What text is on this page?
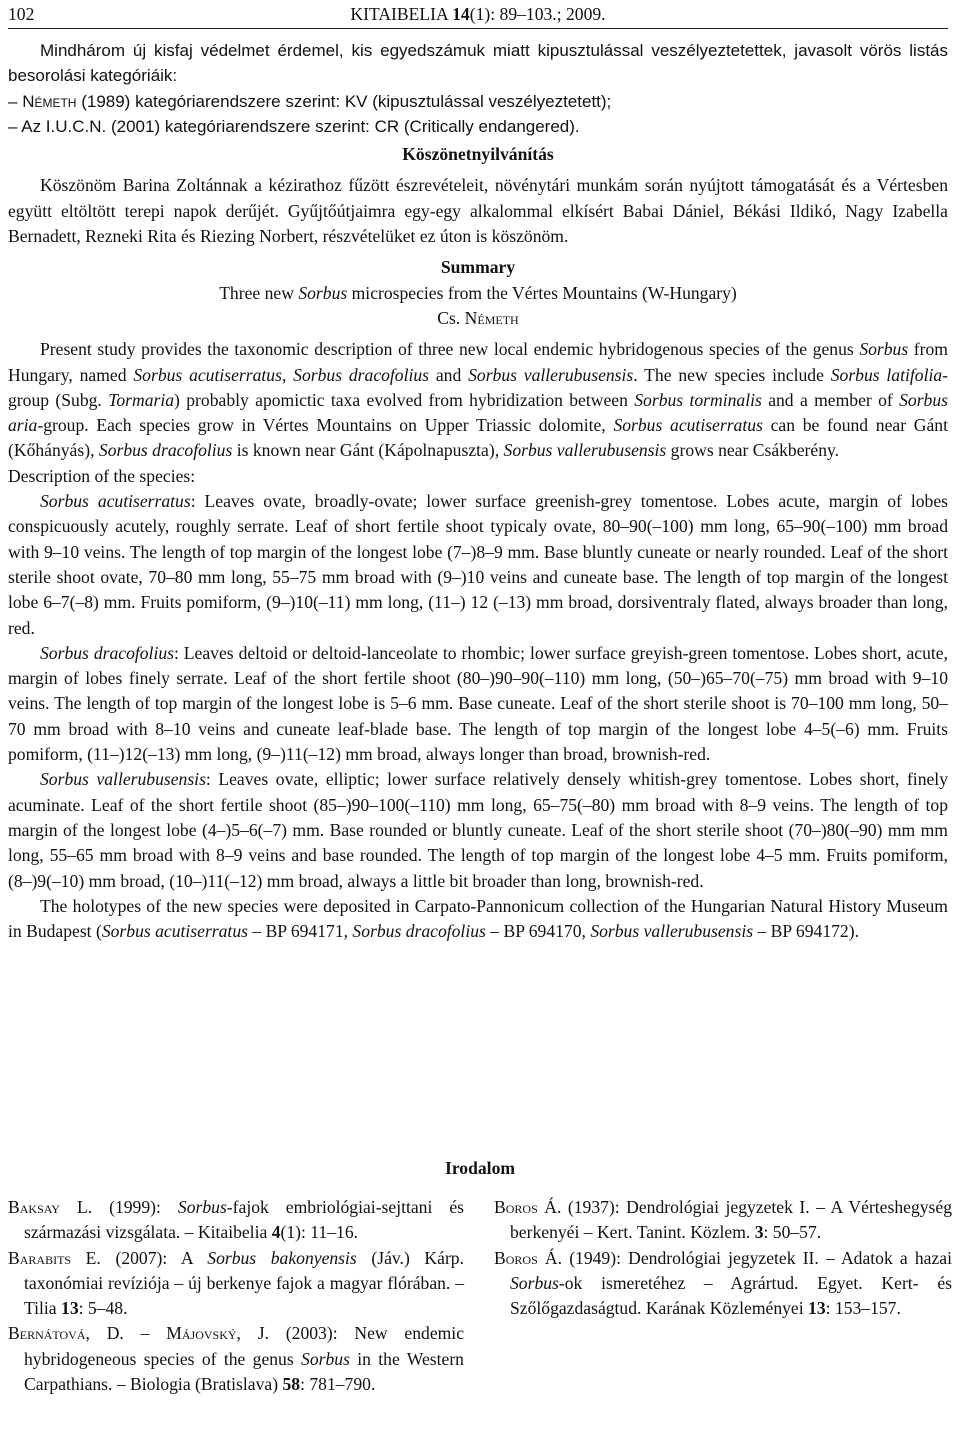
102	KITAIBELIA 14(1): 89–103.; 2009.

Mindhárom új kisfaj védelmet érdemel, kis egyedszámuk miatt kipusztulással veszélyeztetettek, javasolt vörös listás besorolási kategóriáik:

– Németh (1989) kategóriarendszere szerint: KV (kipusztulással veszélyeztetett);

– Az I.U.C.N. (2001) kategóriarendszere szerint: CR (Critically endangered).

Köszönetnyilvánítás

Köszönöm Barina Zoltánnak a kézirathoz fűzött észrevételeit, növénytári munkám során nyújtott támogatását és a Vértesben együtt eltöltött terepi napok derűjét. Gyűjtőútjaimra egy-egy alkalommal elkísért Babai Dániel, Békási Ildikó, Nagy Izabella Bernadett, Rezneki Rita és Riezing Norbert, részvételüket ez úton is köszönöm.

Summary

Three new Sorbus microspecies from the Vértes Mountains (W-Hungary)

Cs. Németh

Present study provides the taxonomic description of three new local endemic hybridogenous species of the genus Sorbus from Hungary, named Sorbus acutiserratus, Sorbus dracofolius and Sorbus vallerubusensis. The new species include Sorbus latifolia-group (Subg. Tormaria) probably apomictic taxa evolved from hybridization between Sorbus torminalis and a member of Sorbus aria-group. Each species grow in Vértes Mountains on Upper Triassic dolomite, Sorbus acutiserratus can be found near Gánt (Kőhányás), Sorbus dracofolius is known near Gánt (Kápolnapuszta), Sorbus vallerubusensis grows near Csákberény.

Description of the species:

Sorbus acutiserratus: Leaves ovate, broadly-ovate; lower surface greenish-grey tomentose. Lobes acute, margin of lobes conspicuously acutely, roughly serrate. Leaf of short fertile shoot typicaly ovate, 80–90(–100) mm long, 65–90(–100) mm broad with 9–10 veins. The length of top margin of the longest lobe (7–)8–9 mm. Base bluntly cuneate or nearly rounded. Leaf of the short sterile shoot ovate, 70–80 mm long, 55–75 mm broad with (9–)10 veins and cuneate base. The length of top margin of the longest lobe 6–7(–8) mm. Fruits pomiform, (9–)10(–11) mm long, (11–) 12 (–13) mm broad, dorsiventraly flated, always broader than long, red.

Sorbus dracofolius: Leaves deltoid or deltoid-lanceolate to rhombic; lower surface greyish-green tomentose. Lobes short, acute, margin of lobes finely serrate. Leaf of the short fertile shoot (80–)90–90(–110) mm long, (50–)65–70(–75) mm broad with 9–10 veins. The length of top margin of the longest lobe is 5–6 mm. Base cuneate. Leaf of the short sterile shoot is 70–100 mm long, 50–70 mm broad with 8–10 veins and cuneate leaf-blade base. The length of top margin of the longest lobe 4–5(–6) mm. Fruits pomiform, (11–)12(–13) mm long, (9–)11(–12) mm broad, always longer than broad, brownish-red.

Sorbus vallerubusensis: Leaves ovate, elliptic; lower surface relatively densely whitish-grey tomentose. Lobes short, finely acuminate. Leaf of the short fertile shoot (85–)90–100(–110) mm long, 65–75(–80) mm broad with 8–9 veins. The length of top margin of the longest lobe (4–)5–6(–7) mm. Base rounded or bluntly cuneate. Leaf of the short sterile shoot (70–)80(–90) mm mm long, 55–65 mm broad with 8–9 veins and base rounded. The length of top margin of the longest lobe 4–5 mm. Fruits pomiform, (8–)9(–10) mm broad, (10–)11(–12) mm broad, always a little bit broader than long, brownish-red.

The holotypes of the new species were deposited in Carpato-Pannonicum collection of the Hungarian Natural History Museum in Budapest (Sorbus acutiserratus – BP 694171, Sorbus dracofolius – BP 694170, Sorbus vallerubusensis – BP 694172).

Irodalom

Baksay L. (1999): Sorbus-fajok embriológiai-sejttani és származási vizsgálata. – Kitaibelia 4(1): 11–16.

Barabits E. (2007): A Sorbus bakonyensis (Jáv.) Kárp. taxonómiai revíziója – új berkenye fajok a magyar flórában. – Tilia 13: 5–48.

Bernátová, D. – Májovský, J. (2003): New endemic hybridogeneous species of the genus Sorbus in the Western Carpathians. – Biologia (Bratislava) 58: 781–790.

Boros Á. (1937): Dendrológiai jegyzetek I. – A Vérteshegység berkenyéi – Kert. Tanint. Közlem. 3: 50–57.

Boros Á. (1949): Dendrológiai jegyzetek II. – Adatok a hazai Sorbus-ok ismeretéhez – Agrártud. Egyet. Kert- és Szőlőgazdaságtud. Karának Közleményei 13: 153–157.
